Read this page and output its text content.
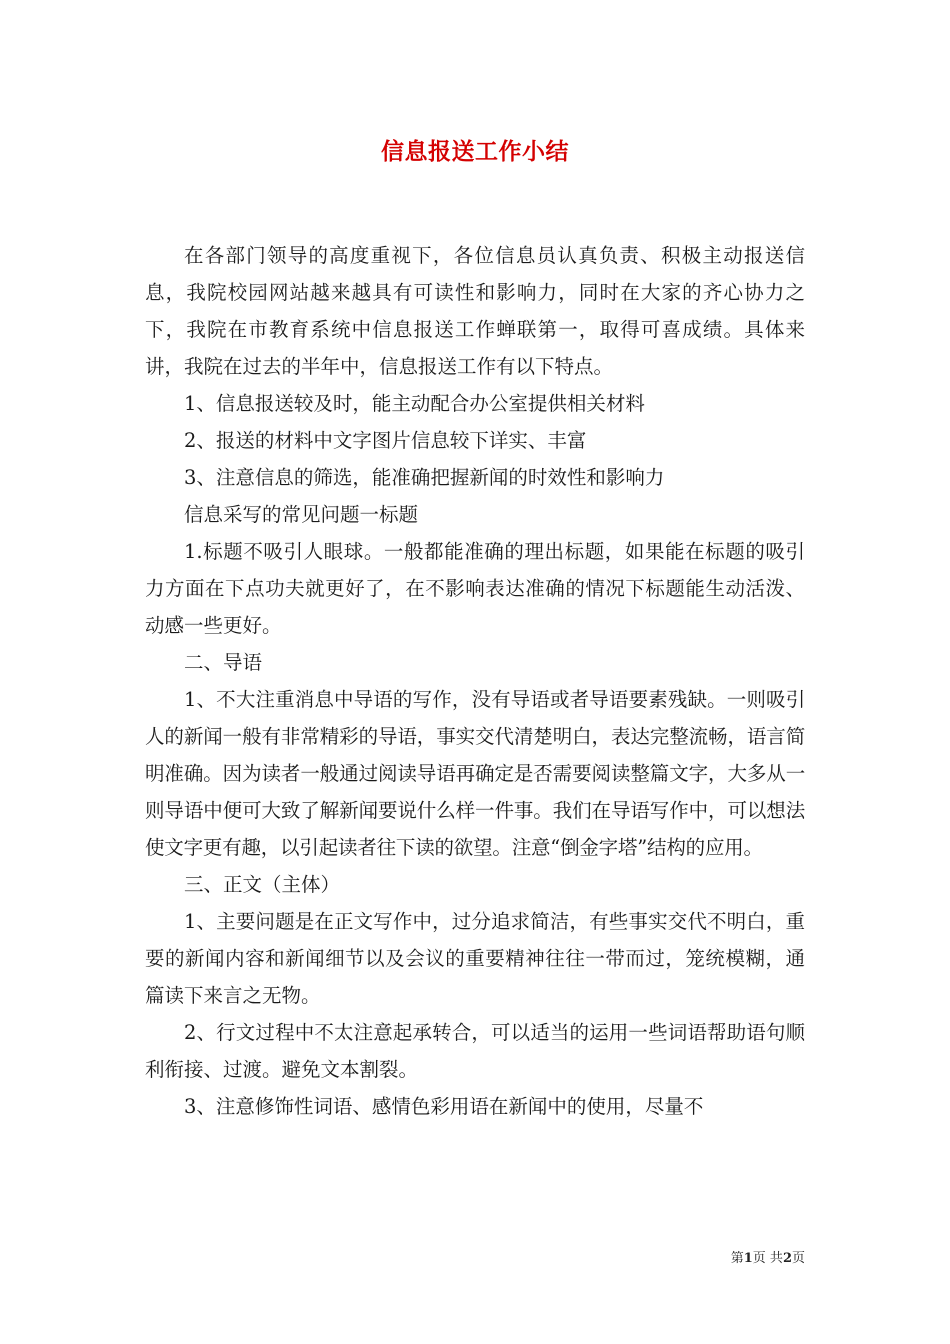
信息报送工作小结

在各部门领导的高度重视下，各位信息员认真负责、积极主动报送信息，我院校园网站越来越具有可读性和影响力，同时在大家的齐心协力之下，我院在市教育系统中信息报送工作蝉联第一，取得可喜成绩。具体来讲，我院在过去的半年中，信息报送工作有以下特点。

1、信息报送较及时，能主动配合办公室提供相关材料

2、报送的材料中文字图片信息较下详实、丰富

3、注意信息的筛选，能准确把握新闻的时效性和影响力

信息采写的常见问题一标题

1.标题不吸引人眼球。一般都能准确的理出标题，如果能在标题的吸引力方面在下点功夫就更好了，在不影响表达准确的情况下标题能生动活泼、动感一些更好。

二、导语

1、不大注重消息中导语的写作，没有导语或者导语要素残缺。一则吸引人的新闻一般有非常精彩的导语，事实交代清楚明白，表达完整流畅，语言简明准确。因为读者一般通过阅读导语再确定是否需要阅读整篇文字，大多从一则导语中便可大致了解新闻要说什么样一件事。我们在导语写作中，可以想法使文字更有趣，以引起读者往下读的欲望。注意“倒金字塔”结构的应用。

三、正文（主体）

1、主要问题是在正文写作中，过分追求简洁，有些事实交代不明白，重要的新闻内容和新闻细节以及会议的重要精神往往一带而过，笼统模糊，通篇读下来言之无物。

2、行文过程中不太注意起承转合，可以适当的运用一些词语帮助语句顺利衔接、过渡。避免文本割裂。

3、注意修饰性词语、感情色彩用语在新闻中的使用，尽量不

第1页 共2页
